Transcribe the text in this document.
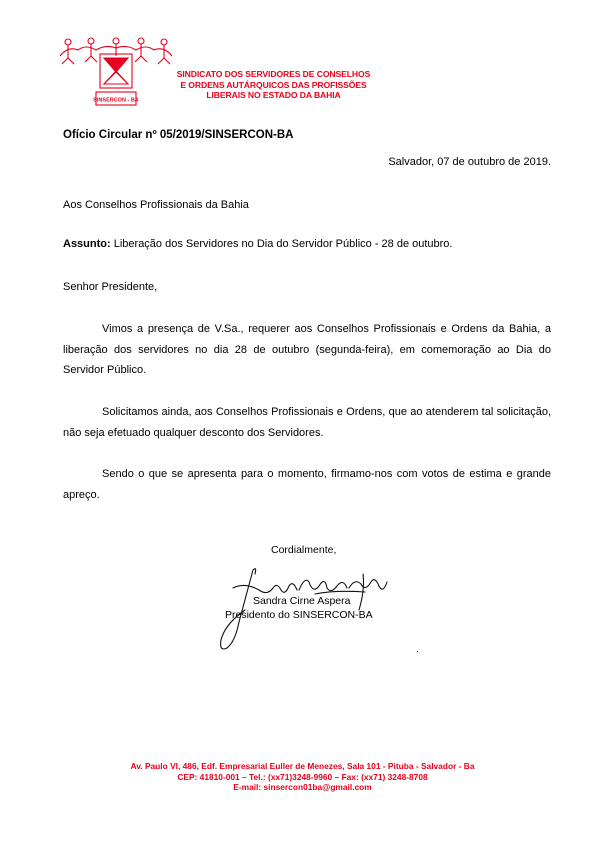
SINSERCON - BA
SINDICATO DOS SERVIDORES DE CONSELHOS
E ORDENS AUTÁRQUICOS DAS PROFISSÕES
LIBERAIS NO ESTADO DA BAHIA
Ofício Circular nº 05/2019/SINSERCON-BA
Salvador, 07 de outubro de 2019.
Aos Conselhos Profissionais da Bahia
Assunto: Liberação dos Servidores no Dia do Servidor Público - 28 de outubro.
Senhor Presidente,

Vimos a presença de V.Sa., requerer aos Conselhos Profissionais e Ordens da Bahia, a liberação dos servidores no dia 28 de outubro (segunda-feira), em comemoração ao Dia do Servidor Público.

Solicitamos ainda, aos Conselhos Profissionais e Ordens, que ao atenderem tal solicitação, não seja efetuado qualquer desconto dos Servidores.

Sendo o que se apresenta para o momento, firmamo-nos com votos de estima e grande apreço.

Cordialmente,
Sandra Cirne Aspera
Presidento do SINSERCON-BA
.
Av. Paulo VI, 486, Edf. Empresarial Euller de Menezes, Sala 101 - Pituba - Salvador - Ba
CEP: 41810-001 – Tel.: (xx71)3248-9960 – Fax: (xx71) 3248-8708
E-mail: sinsercon01ba@gmail.com
